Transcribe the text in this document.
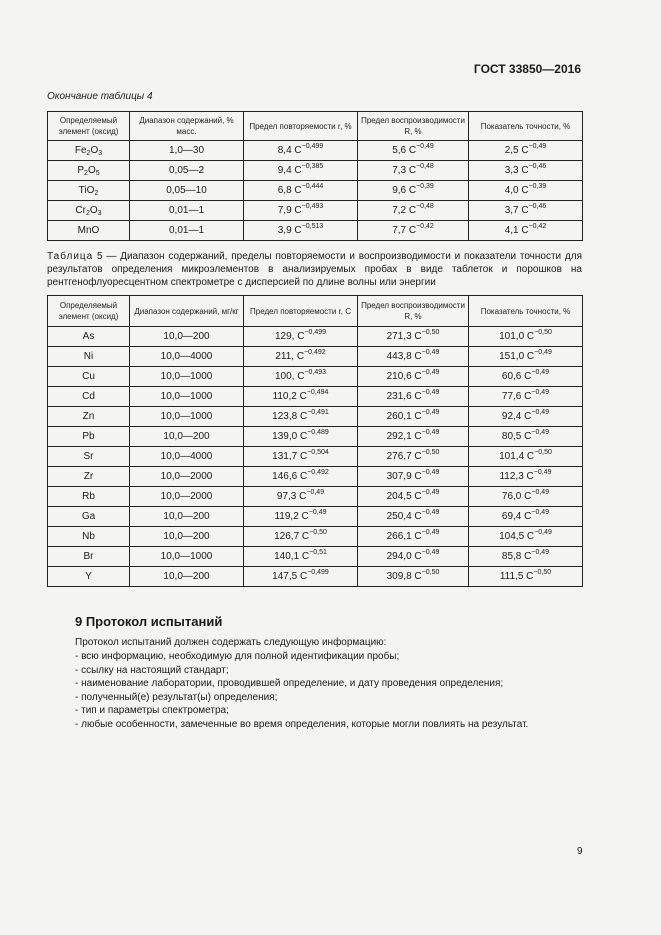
ГОСТ 33850—2016
Окончание таблицы 4
Определяемый элемент (оксид)	Диапазон содержаний, % масс.	Предел повторяемости r, %	Предел воспроизводимости R, %	Показатель точности, %
$Fe_2O_3$	1,0—30	8,4 $C^{-0,499}$	5,6 $C^{-0,49}$	2,5 $C^{-0,49}$
$P_2O_5$	0,05—2	9,4 $C^{-0,385}$	7,3 $C^{-0,48}$	3,3 $C^{-0,46}$
TiO$_2$	0,05—10	6,8 $C^{-0,444}$	9,6 $C^{-0,39}$	4,0 $C^{-0,39}$
$Cr_2O_3$	0,01—1	7,9 $C^{-0,493}$	7,2 $C^{-0,48}$	3,7 $C^{-0,46}$
MnO	0,01—1	3,9 $C^{-0,513}$	7,7 $C^{-0,42}$	4,1 $C^{-0,42}$
Таблица 5 — Диапазон содержаний, пределы повторяемости и воспроизводимости и показатели точности для результатов определения микроэлементов в анализируемых пробах в виде таблеток и порошков на рентгенофлуоресцентном спектрометре с дисперсией по длине волны или энергии
Определяемый элемент (оксид)	Диапазон содержаний, мг/кг	Предел повторяемости r, C	Предел воспроизводимости R, %	Показатель точности, %
As	10,0—200	129, $C^{-0,499}$	271,3 $C^{-0,50}$	101,0 $C^{-0,50}$
Ni	10,0—4000	211, $C^{-0,492}$	443,8 $C^{-0,49}$	151,0 $C^{-0,49}$
Cu	10,0—1000	100, $C^{-0,493}$	210,6 $C^{-0,49}$	60,6 $C^{-0,49}$
Cd	10,0—1000	110,2 $C^{-0,494}$	231,6 $C^{-0,49}$	77,6 $C^{-0,49}$
Zn	10,0—1000	123,8 $C^{-0,491}$	260,1 $C^{-0,49}$	92,4 $C^{-0,49}$
Pb	10,0—200	139,0 $C^{-0,489}$	292,1 $C^{-0,49}$	80,5 $C^{-0,49}$
Sr	10,0—4000	131,7 $C^{-0,504}$	276,7 $C^{-0,50}$	101,4 $C^{-0,50}$
Zr	10,0—2000	146,6 $C^{-0,492}$	307,9 $C^{-0,49}$	112,3 $C^{-0,49}$
Rb	10,0—2000	97,3 $C^{-0,49}$	204,5 $C^{-0,49}$	76,0 $C^{-0,49}$
Ga	10,0—200	119,2 $C^{-0,49}$	250,4 $C^{-0,49}$	69,4 $C^{-0,49}$
Nb	10,0—200	126,7 $C^{-0,50}$	266,1 $C^{-0,49}$	104,5 $C^{-0,49}$
Br	10,0—1000	140,1 $C^{-0,51}$	294,0 $C^{-0,49}$	85,8 $C^{-0,49}$
Y	10,0—200	147,5 $C^{-0,499}$	309,8 $C^{-0,50}$	111,5 $C^{-0,50}$
9 Протокол испытаний
Протокол испытаний должен содержать следующую информацию:
- всю информацию, необходимую для полной идентификации пробы;
- ссылку на настоящий стандарт;
- наименование лаборатории, проводившей определение, и дату проведения определения;
- полученный(е) результат(ы) определения;
- тип и параметры спектрометра;
- любые особенности, замеченные во время определения, которые могли повлиять на результат.
9
